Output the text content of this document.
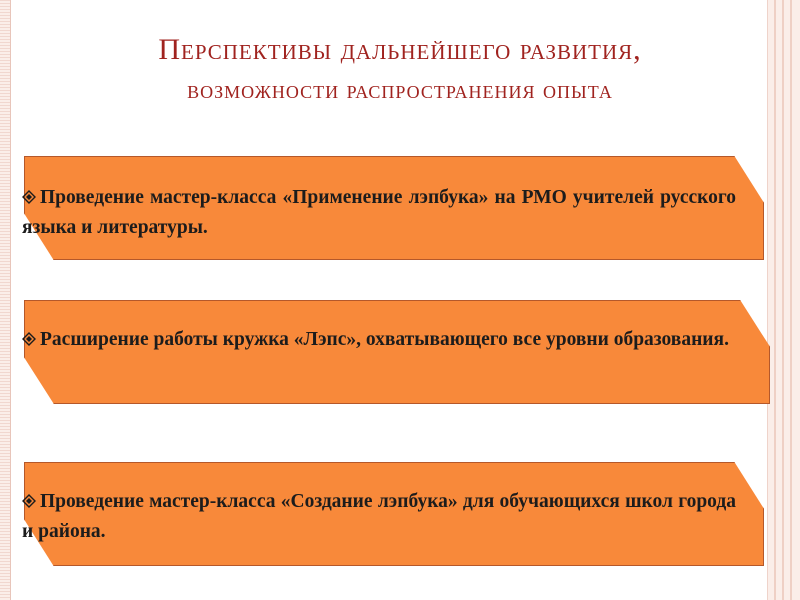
Перспективы дальнейшего развития,
возможности распространения опыта
Проведение мастер-класса «Применение лэпбука» на РМО учителей русского языка и литературы.
Расширение работы кружка «Лэпс», охватывающего все уровни образования.
Проведение мастер-класса «Создание лэпбука» для обучающихся школ города и района.
